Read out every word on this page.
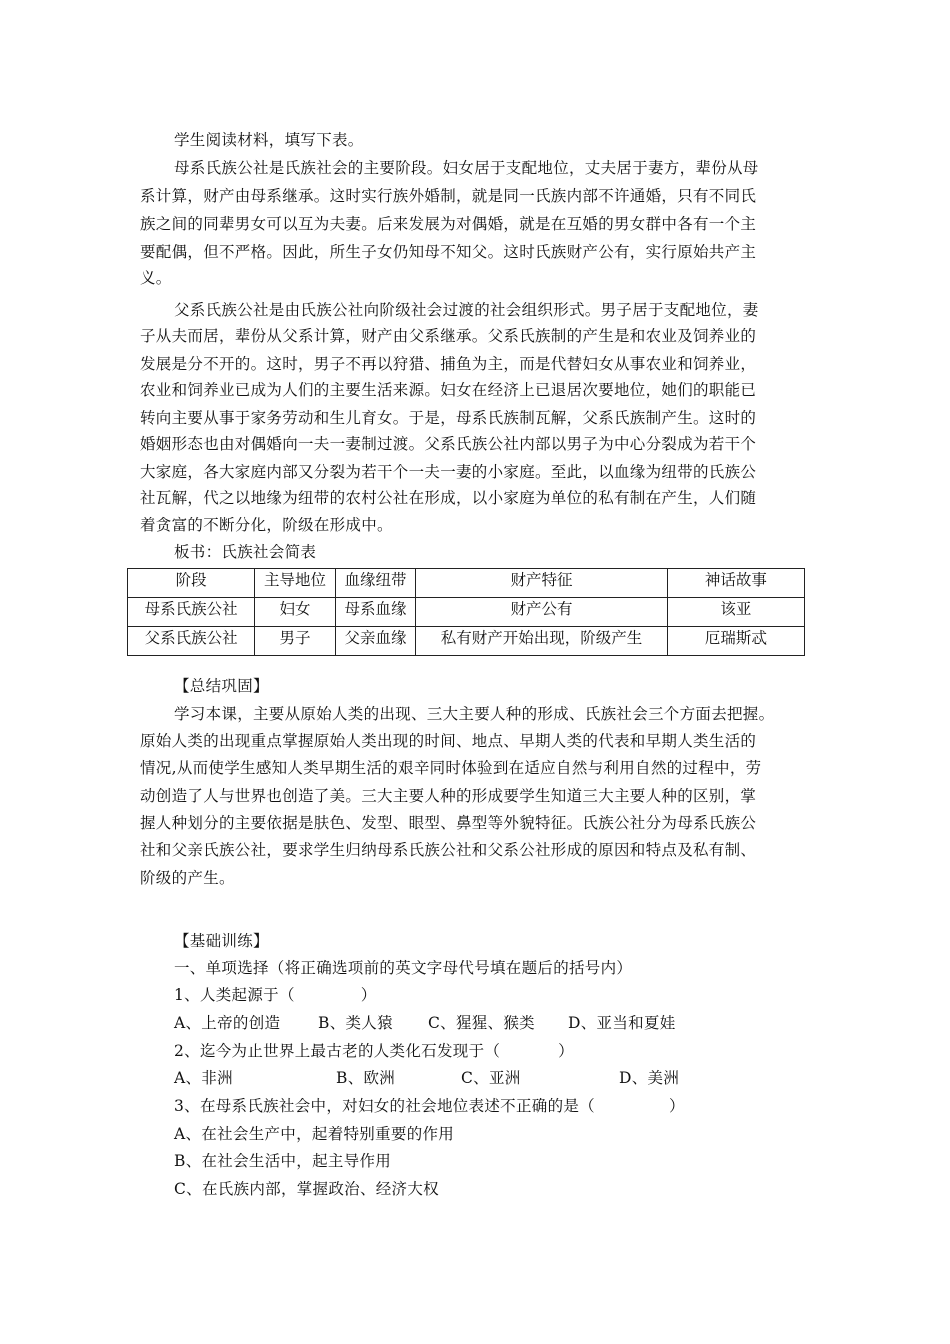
学生阅读材料，填写下表。
母系氏族公社是氏族社会的主要阶段。妇女居于支配地位，丈夫居于妻方，辈份从母
系计算，财产由母系继承。这时实行族外婚制，就是同一氏族内部不许通婚，只有不同氏
族之间的同辈男女可以互为夫妻。后来发展为对偶婚，就是在互婚的男女群中各有一个主
要配偶，但不严格。因此，所生子女仍知母不知父。这时氏族财产公有，实行原始共产主
义。
父系氏族公社是由氏族公社向阶级社会过渡的社会组织形式。男子居于支配地位，妻
子从夫而居，辈份从父系计算，财产由父系继承。父系氏族制的产生是和农业及饲养业的
发展是分不开的。这时，男子不再以狩猎、捕鱼为主，而是代替妇女从事农业和饲养业，
农业和饲养业已成为人们的主要生活来源。妇女在经济上已退居次要地位，她们的职能已
转向主要从事于家务劳动和生儿育女。于是，母系氏族制瓦解，父系氏族制产生。这时的
婚姻形态也由对偶婚向一夫一妻制过渡。父系氏族公社内部以男子为中心分裂成为若干个
大家庭，各大家庭内部又分裂为若干个一夫一妻的小家庭。至此，以血缘为纽带的氏族公
社瓦解，代之以地缘为纽带的农村公社在形成，以小家庭为单位的私有制在产生，人们随
着贪富的不断分化，阶级在形成中。
板书：氏族社会简表
阶段	主导地位	血缘纽带	财产特征	神话故事
母系氏族公社	妇女	母系血缘	财产公有	该亚
父系氏族公社	男子	父亲血缘	私有财产开始出现，阶级产生	厄瑞斯忒
【总结巩固】
学习本课，主要从原始人类的出现、三大主要人种的形成、氏族社会三个方面去把握。
原始人类的出现重点掌握原始人类出现的时间、地点、早期人类的代表和早期人类生活的
情况,从而使学生感知人类早期生活的艰辛同时体验到在适应自然与利用自然的过程中，劳
动创造了人与世界也创造了美。三大主要人种的形成要学生知道三大主要人种的区别，掌
握人种划分的主要依据是肤色、发型、眼型、鼻型等外貌特征。氏族公社分为母系氏族公
社和父亲氏族公社，要求学生归纳母系氏族公社和父系公社形成的原因和特点及私有制、
阶级的产生。
【基础训练】
一、单项选择（将正确选项前的英文字母代号填在题后的括号内）
1、人类起源于（	）
A、上帝的创造 B、类人猿 C、猩猩、猴类 D、亚当和夏娃
2、迄今为止世界上最古老的人类化石发现于（	）
A、非洲	B、欧洲	C、亚洲	D、美洲
3、在母系氏族社会中，对妇女的社会地位表述不正确的是（	）
A、在社会生产中，起着特别重要的作用
B、在社会生活中，起主导作用
C、在氏族内部，掌握政治、经济大权
